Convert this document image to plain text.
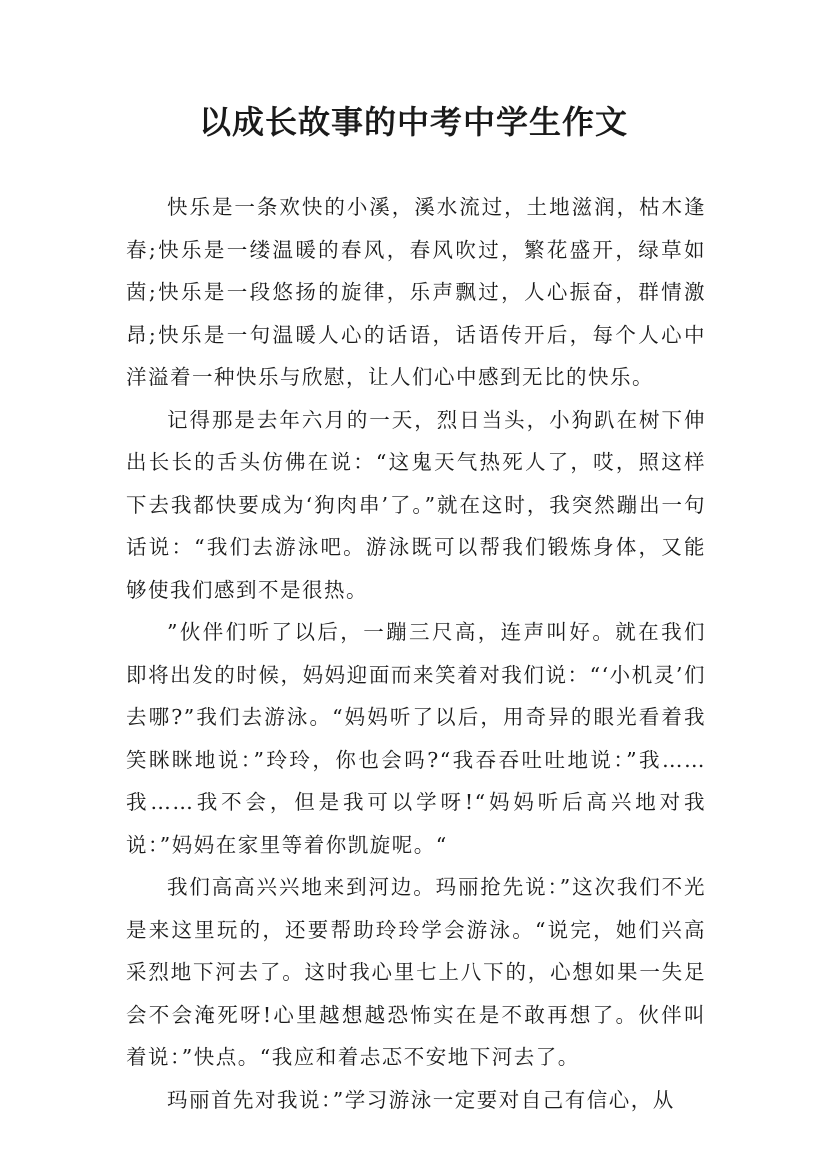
以成长故事的中考中学生作文

快乐是一条欢快的小溪，溪水流过，土地滋润，枯木逢春;快乐是一缕温暖的春风，春风吹过，繁花盛开，绿草如茵;快乐是一段悠扬的旋律，乐声飘过，人心振奋，群情激昂;快乐是一句温暖人心的话语，话语传开后，每个人心中洋溢着一种快乐与欣慰，让人们心中感到无比的快乐。

记得那是去年六月的一天，烈日当头，小狗趴在树下伸出长长的舌头仿佛在说：“这鬼天气热死人了，哎，照这样下去我都快要成为‘狗肉串’了。”就在这时，我突然蹦出一句话说：“我们去游泳吧。游泳既可以帮我们锻炼身体，又能够使我们感到不是很热。

”伙伴们听了以后，一蹦三尺高，连声叫好。就在我们即将出发的时候，妈妈迎面而来笑着对我们说：“‘小机灵’们去哪?”我们去游泳。“妈妈听了以后，用奇异的眼光看着我笑眯眯地说：”玲玲，你也会吗?“我吞吞吐吐地说：”我……我……我不会，但是我可以学呀!“妈妈听后高兴地对我说：”妈妈在家里等着你凯旋呢。“

我们高高兴兴地来到河边。玛丽抢先说：”这次我们不光是来这里玩的，还要帮助玲玲学会游泳。“说完，她们兴高采烈地下河去了。这时我心里七上八下的，心想如果一失足会不会淹死呀!心里越想越恐怖实在是不敢再想了。伙伴叫着说：”快点。“我应和着忐忑不安地下河去了。

玛丽首先对我说：”学习游泳一定要对自己有信心，从
